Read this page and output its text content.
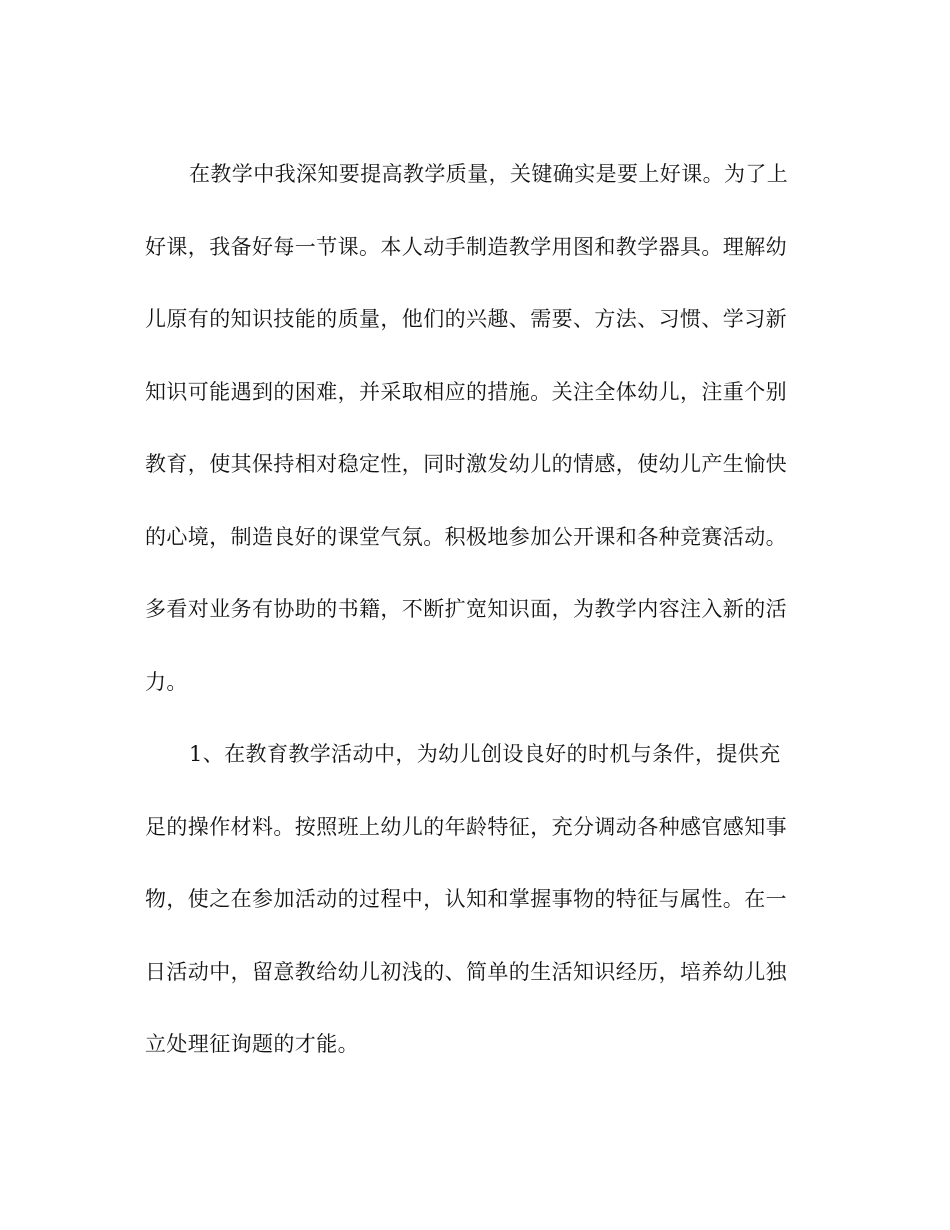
在教学中我深知要提高教学质量，关键确实是要上好课。为了上
好课，我备好每一节课。本人动手制造教学用图和教学器具。理解幼
儿原有的知识技能的质量，他们的兴趣、需要、方法、习惯、学习新
知识可能遇到的困难，并采取相应的措施。关注全体幼儿，注重个别
教育，使其保持相对稳定性，同时激发幼儿的情感，使幼儿产生愉快
的心境，制造良好的课堂气氛。积极地参加公开课和各种竞赛活动。
多看对业务有协助的书籍，不断扩宽知识面，为教学内容注入新的活
力。
1、在教育教学活动中，为幼儿创设良好的时机与条件，提供充
足的操作材料。按照班上幼儿的年龄特征，充分调动各种感官感知事
物，使之在参加活动的过程中，认知和掌握事物的特征与属性。在一
日活动中，留意教给幼儿初浅的、简单的生活知识经历，培养幼儿独
立处理征询题的才能。
